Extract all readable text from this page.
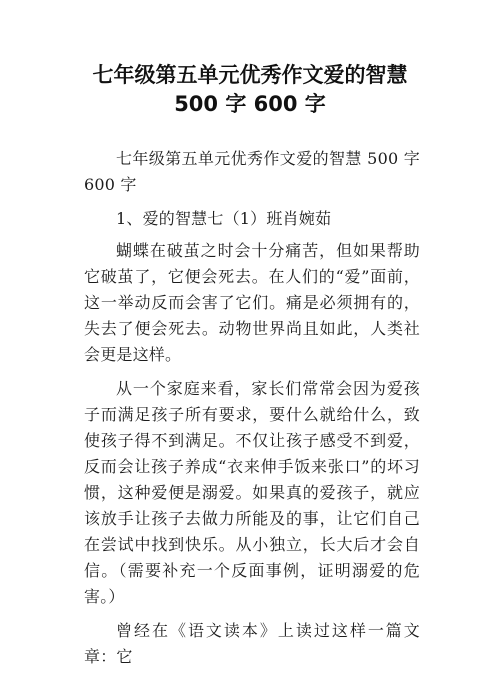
七年级第五单元优秀作文爱的智慧
500 字 600 字

七年级第五单元优秀作文爱的智慧 500 字 600 字

1、爱的智慧七（1）班肖婉茹

蝴蝶在破茧之时会十分痛苦，但如果帮助它破茧了，它便会死去。在人们的“爱”面前，这一举动反而会害了它们。痛是必须拥有的，失去了便会死去。动物世界尚且如此，人类社会更是这样。

从一个家庭来看，家长们常常会因为爱孩子而满足孩子所有要求，要什么就给什么，致使孩子得不到满足。不仅让孩子感受不到爱，反而会让孩子养成“衣来伸手饭来张口”的坏习惯，这种爱便是溺爱。如果真的爱孩子，就应该放手让孩子去做力所能及的事，让它们自己在尝试中找到快乐。从小独立，长大后才会自信。（需要补充一个反面事例，证明溺爱的危害。）

曾经在《语文读本》上读过这样一篇文章：它
